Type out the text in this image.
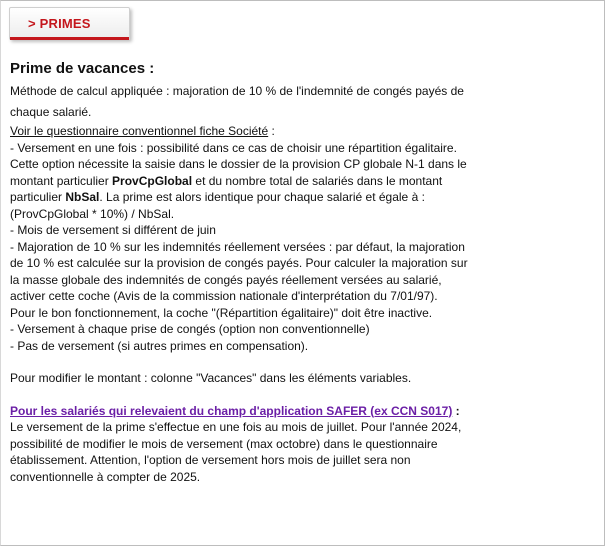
> PRIMES
Prime de vacances :
Méthode de calcul appliquée : majoration de 10 % de l'indemnité de congés payés de
chaque salarié.
Voir le questionnaire conventionnel fiche Société :
- Versement en une fois : possibilité dans ce cas de choisir une répartition égalitaire.
Cette option nécessite la saisie dans le dossier de la provision CP globale N-1 dans le
montant particulier ProvCpGlobal et du nombre total de salariés dans le montant
particulier NbSal. La prime est alors identique pour chaque salarié et égale à :
(ProvCpGlobal * 10%) / NbSal.
- Mois de versement si différent de juin
- Majoration de 10 % sur les indemnités réellement versées : par défaut, la majoration
de 10 % est calculée sur la provision de congés payés. Pour calculer la majoration sur
la masse globale des indemnités de congés payés réellement versées au salarié,
activer cette coche (Avis de la commission nationale d'interprétation du 7/01/97).
Pour le bon fonctionnement, la coche "(Répartition égalitaire)" doit être inactive.
- Versement à chaque prise de congés (option non conventionnelle)
- Pas de versement (si autres primes en compensation).
Pour modifier le montant : colonne "Vacances" dans les éléments variables.
Pour les salariés qui relevaient du champ d'application SAFER (ex CCN S017) :
Le versement de la prime s'effectue en une fois au mois de juillet. Pour l'année 2024,
possibilité de modifier le mois de versement (max octobre) dans le questionnaire
établissement. Attention, l'option de versement hors mois de juillet sera non
conventionnelle à compter de 2025.
